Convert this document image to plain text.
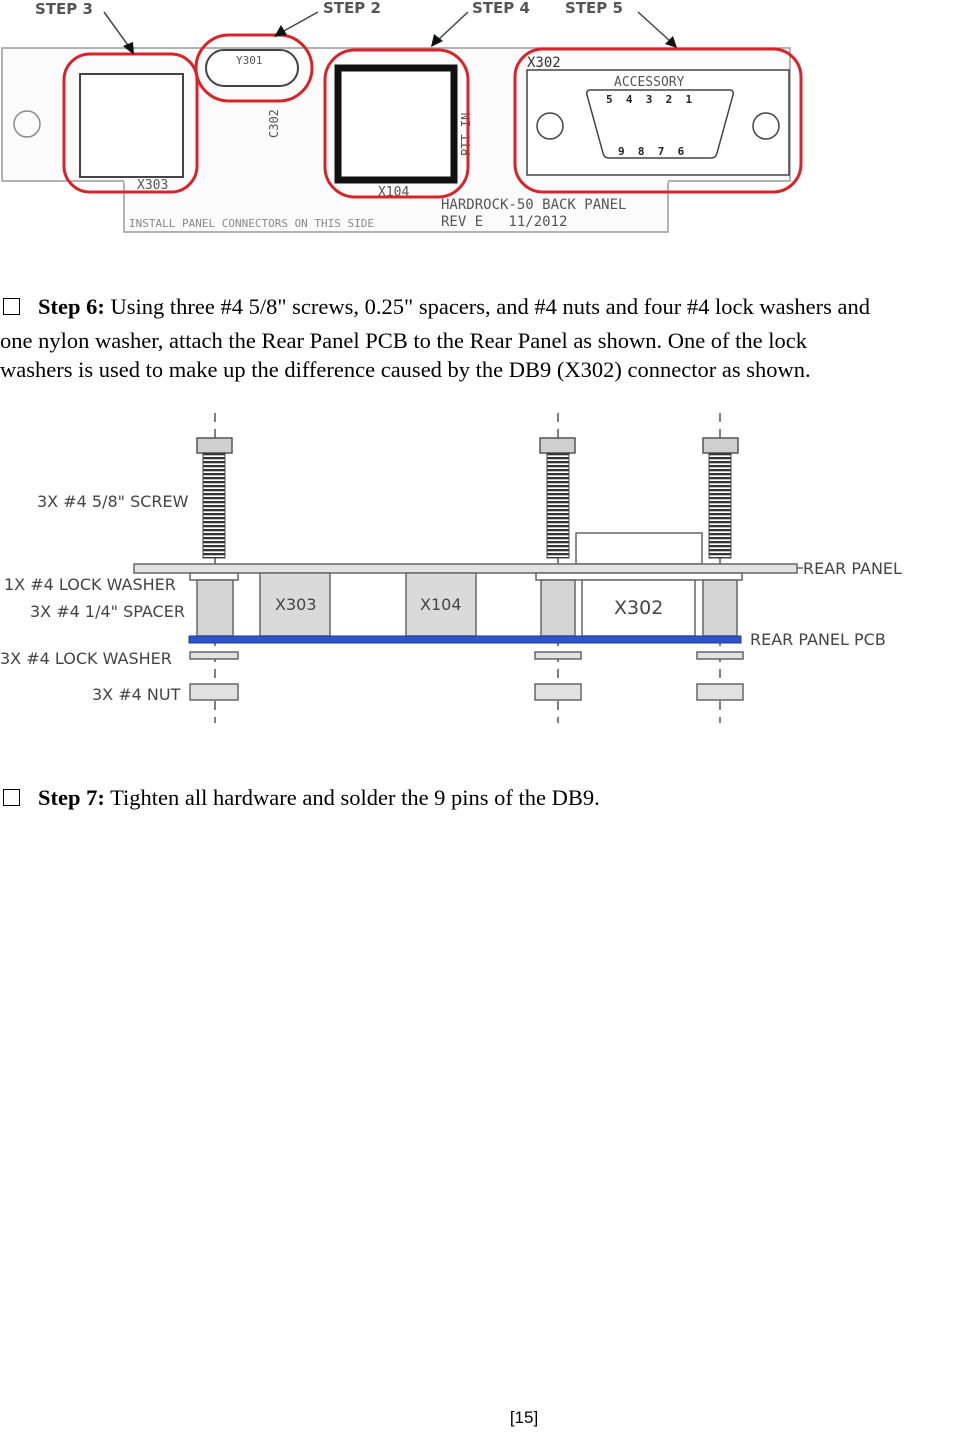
X303
Y301
C302
X104
PTT IN
X302
ACCESSORY
5  4  3  2  1
9  8  7  6
INSTALL PANEL CONNECTORS ON THIS SIDE
HARDROCK-50 BACK PANEL
REV E   11/2012
STEP 3	STEP 2	STEP 4 STEP 5
Step 6: Using three #4 5/8" screws, 0.25" spacers, and #4 nuts and four #4 lock washers and
one nylon washer, attach the Rear Panel PCB to the Rear Panel as shown. One of the lock
washers is used to make up the difference caused by the DB9 (X302) connector as shown.
X303	X104	X302
3X #4 5/8" SCREW
1X #4 LOCK WASHER
3X #4 1/4" SPACER
3X #4 LOCK WASHER
3X #4 NUT
REAR PANEL
REAR PANEL PCB
Step 7: Tighten all hardware and solder the 9 pins of the DB9.
[15]
